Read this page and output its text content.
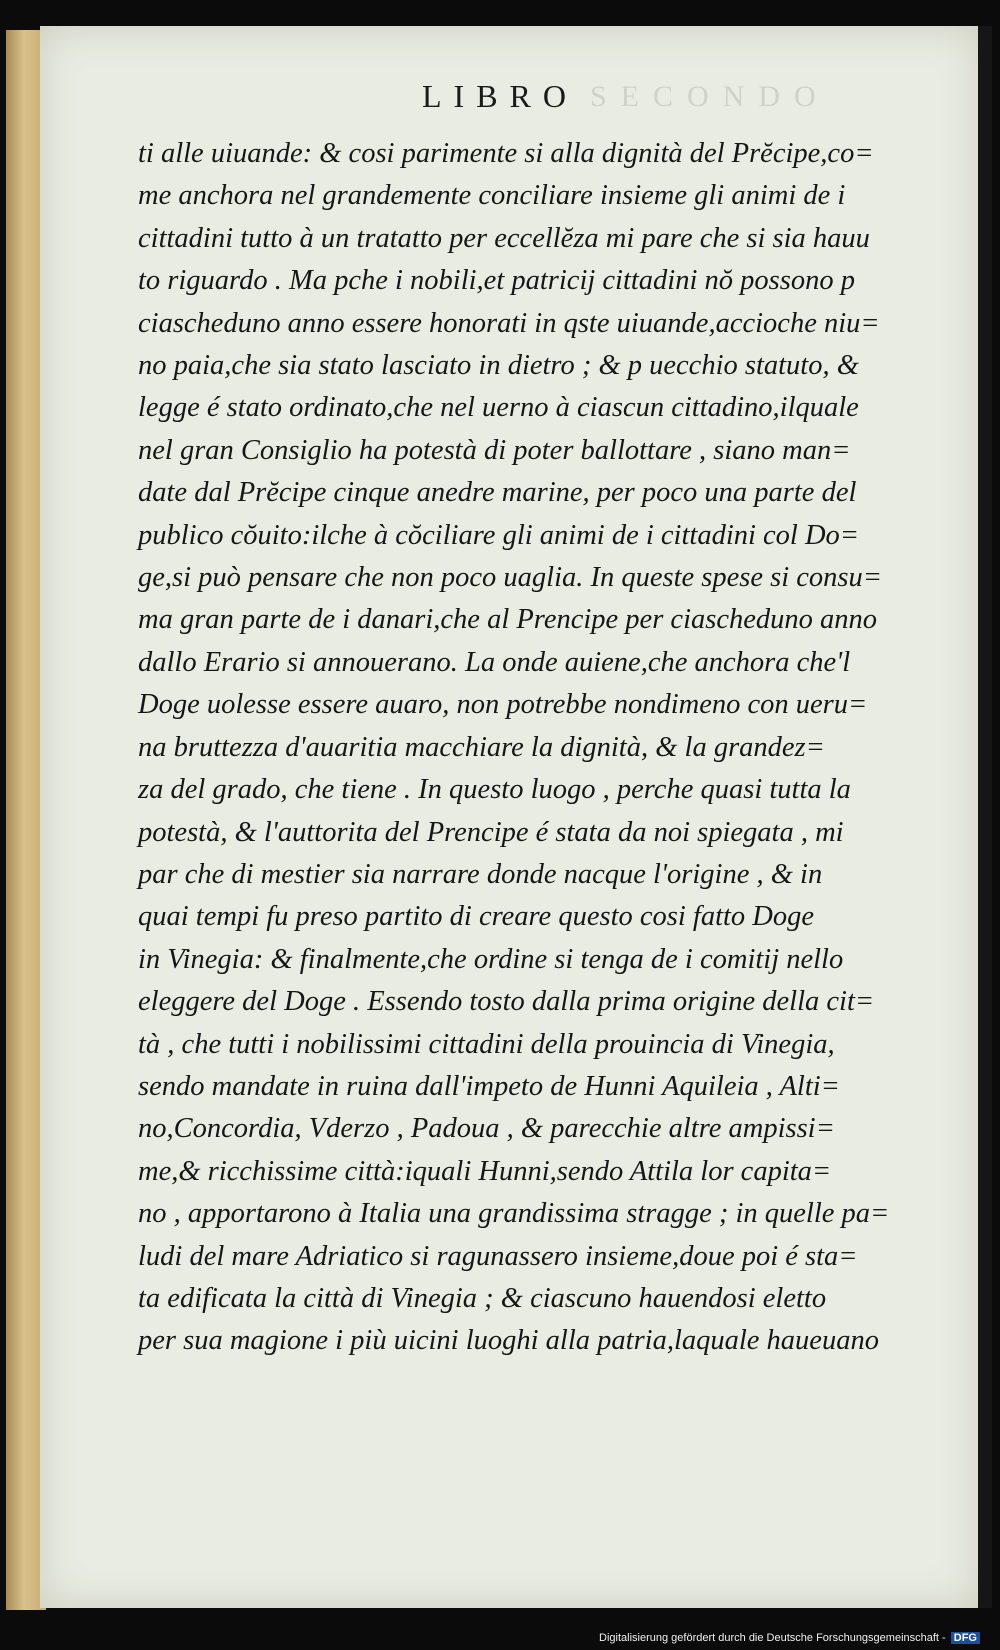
SECONDO
LIBRO
ti alle uiuande: & cosi parimente si alla dignità del Prĕcipe,co=
me anchora nel grandemente conciliare insieme gli animi de i
cittadini tutto à un tratatto per eccellĕza mi pare che si sia hauu
to riguardo . Ma pche i nobili,et patricij cittadini nŏ possono p
ciascheduno anno essere honorati in qste uiuande,accioche niu=
no paia,che sia stato lasciato in dietro ; & p uecchio statuto, &
legge é stato ordinato,che nel uerno à ciascun cittadino,ilquale
nel gran Consiglio ha potestà di poter ballottare , siano man=
date dal Prĕcipe cinque anedre marine, per poco una parte del
publico cŏuito:ilche à cŏciliare gli animi de i cittadini col Do=
ge,si può pensare che non poco uaglia. In queste spese si consu=
ma gran parte de i danari,che al Prencipe per ciascheduno anno
dallo Erario si annouerano. La onde auiene,che anchora che'l
Doge uolesse essere auaro, non potrebbe nondimeno con ueru=
na bruttezza d'auaritia macchiare la dignità, & la grandez=
za del grado, che tiene . In questo luogo , perche quasi tutta la
potestà, & l'auttorita del Prencipe é stata da noi spiegata , mi
par che di mestier sia narrare donde nacque l'origine , & in
quai tempi fu preso partito di creare questo cosi fatto Doge
in Vinegia: & finalmente,che ordine si tenga de i comitij nello
eleggere del Doge . Essendo tosto dalla prima origine della cit=
tà , che tutti i nobilissimi cittadini della prouincia di Vinegia,
sendo mandate in ruina dall'impeto de Hunni Aquileia , Alti=
no,Concordia, Vderzo , Padoua , & parecchie altre ampissi=
me,& ricchissime città:iquali Hunni,sendo Attila lor capita=
no , apportarono à Italia una grandissima stragge ; in quelle pa=
ludi del mare Adriatico si ragunassero insieme,doue poi é sta=
ta edificata la città di Vinegia ; & ciascuno hauendosi eletto
per sua magione i più uicini luoghi alla patria,laquale haueuano
Digitalisierung gefördert durch die Deutsche Forschungsgemeinschaft - DFG
